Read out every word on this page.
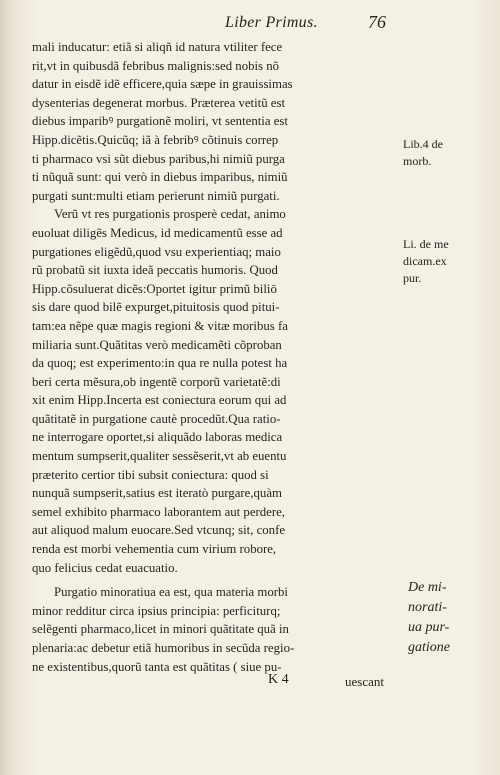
Liber Primus.	76
mali inducatur: etiã si aliqñ id natura vtiliter fece
rit,vt in quibusdã febribus malignis:sed nobis nõ
datur in eisdẽ idẽ efficere,quia sæpe in grauissimas
dysenterias degenerat morbus. Præterea vetitũ est
diebus imparibꝰ purgationẽ moliri, vt sententia est
Hipp.dicẽtis.Quicũq; iã à febribꝰ cõtinuis correp
ti pharmaco vsi sũt diebus paribus,hi nimiũ purga
ti nũquã sunt: qui verò in diebus imparibus, nimiũ
purgati sunt:multi etiam perierunt nimiũ purgati.
Verũ vt res purgationis prosperè cedat, animo
euoluat diligẽs Medicus, id medicamentũ esse ad
purgationes eligẽdũ,quod vsu experientiaq; maio
rũ probatũ sit iuxta ideã peccatis humoris. Quod
Hipp.cõsuluerat dicẽs:Oportet igitur primũ biliō
sis dare quod bilẽ expurget,pituitosis quod pitui-
tam:ea nẽpe quæ magis regioni & vitæ moribus fa
miliaria sunt.Quãtitas verò medicamẽti cõproban
da quoq; est experimento:in qua re nulla potest ha
beri certa mẽsura,ob ingentẽ corporũ varietatẽ:di
xit enim Hipp.Incerta est coniectura eorum qui ad
quãtitatẽ in purgatione cautè procedũt.Qua ratio-
ne interrogare oportet,si aliquãdo laboras medica
mentum sumpserit,qualiter sessẽserit,vt ab euentu
præterito certior tibi subsit coniectura: quod si
nunquã sumpserit,satius est iteratò purgare,quàm
semel exhibito pharmaco laborantem aut perdere,
aut aliquod malum euocare.Sed vtcunq; sit, confe
renda est morbi vehementia cum virium robore,
quo felicius cedat euacuatio.
Purgatio minoratiua ea est, qua materia morbi
minor redditur circa ipsius principia: perficiturq;
selẽgenti pharmaco,licet in minori quãtitate quã in
plenaria:ac debetur etiã humoribus in secũda regio-
ne existentibus,quorũ tanta est quãtitas ( siue pu-
Lib.4 de
morb.
Li. de me
dicam.ex
pur.
De mi-
norati-
ua pur-
gatione
K 4	uescant
